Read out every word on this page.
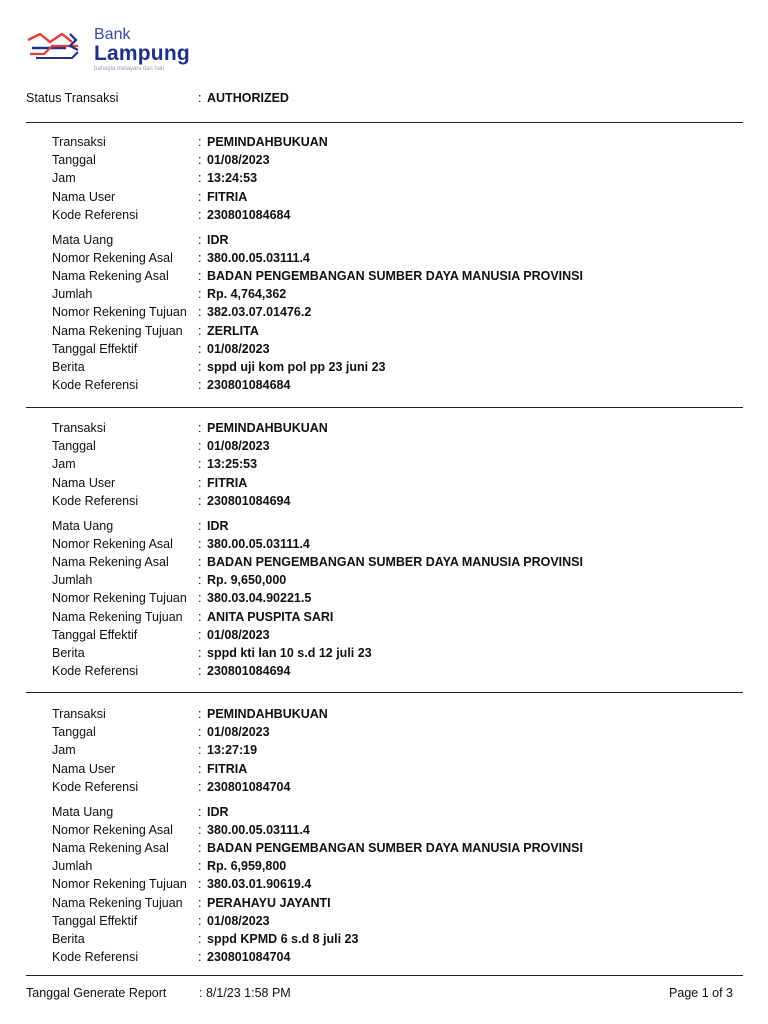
Bank
Lampung
bahagia melayani dan hati
Status Transaksi	: AUTHORIZED
Transaksi	: PEMINDAHBUKUAN
Tanggal	: 01/08/2023
Jam	: 13:24:53
Nama User	: FITRIA
Kode Referensi	: 230801084684
Mata Uang	: IDR
Nomor Rekening Asal : 380.00.05.03111.4
Nama Rekening Asal : BADAN PENGEMBANGAN SUMBER DAYA MANUSIA PROVINSI
Jumlah	: Rp. 4,764,362
Nomor Rekening Tujuan : 382.03.07.01476.2
Nama Rekening Tujuan : ZERLITA
Tanggal Effektif	: 01/08/2023
Berita	: sppd uji kom pol pp 23 juni 23
Kode Referensi	: 230801084684
Transaksi	: PEMINDAHBUKUAN
Tanggal	: 01/08/2023
Jam	: 13:25:53
Nama User	: FITRIA
Kode Referensi	: 230801084694
Mata Uang	: IDR
Nomor Rekening Asal : 380.00.05.03111.4
Nama Rekening Asal : BADAN PENGEMBANGAN SUMBER DAYA MANUSIA PROVINSI
Jumlah	: Rp. 9,650,000
Nomor Rekening Tujuan : 380.03.04.90221.5
Nama Rekening Tujuan : ANITA PUSPITA SARI
Tanggal Effektif	: 01/08/2023
Berita	: sppd kti lan 10 s.d 12 juli 23
Kode Referensi	: 230801084694
Transaksi	: PEMINDAHBUKUAN
Tanggal	: 01/08/2023
Jam	: 13:27:19
Nama User	: FITRIA
Kode Referensi	: 230801084704
Mata Uang	: IDR
Nomor Rekening Asal : 380.00.05.03111.4
Nama Rekening Asal : BADAN PENGEMBANGAN SUMBER DAYA MANUSIA PROVINSI
Jumlah	: Rp. 6,959,800
Nomor Rekening Tujuan : 380.03.01.90619.4
Nama Rekening Tujuan : PERAHAYU JAYANTI
Tanggal Effektif	: 01/08/2023
Berita	: sppd KPMD 6 s.d 8 juli 23
Kode Referensi	: 230801084704
Tanggal Generate Report	: 8/1/23 1:58 PM	Page 1 of 3
